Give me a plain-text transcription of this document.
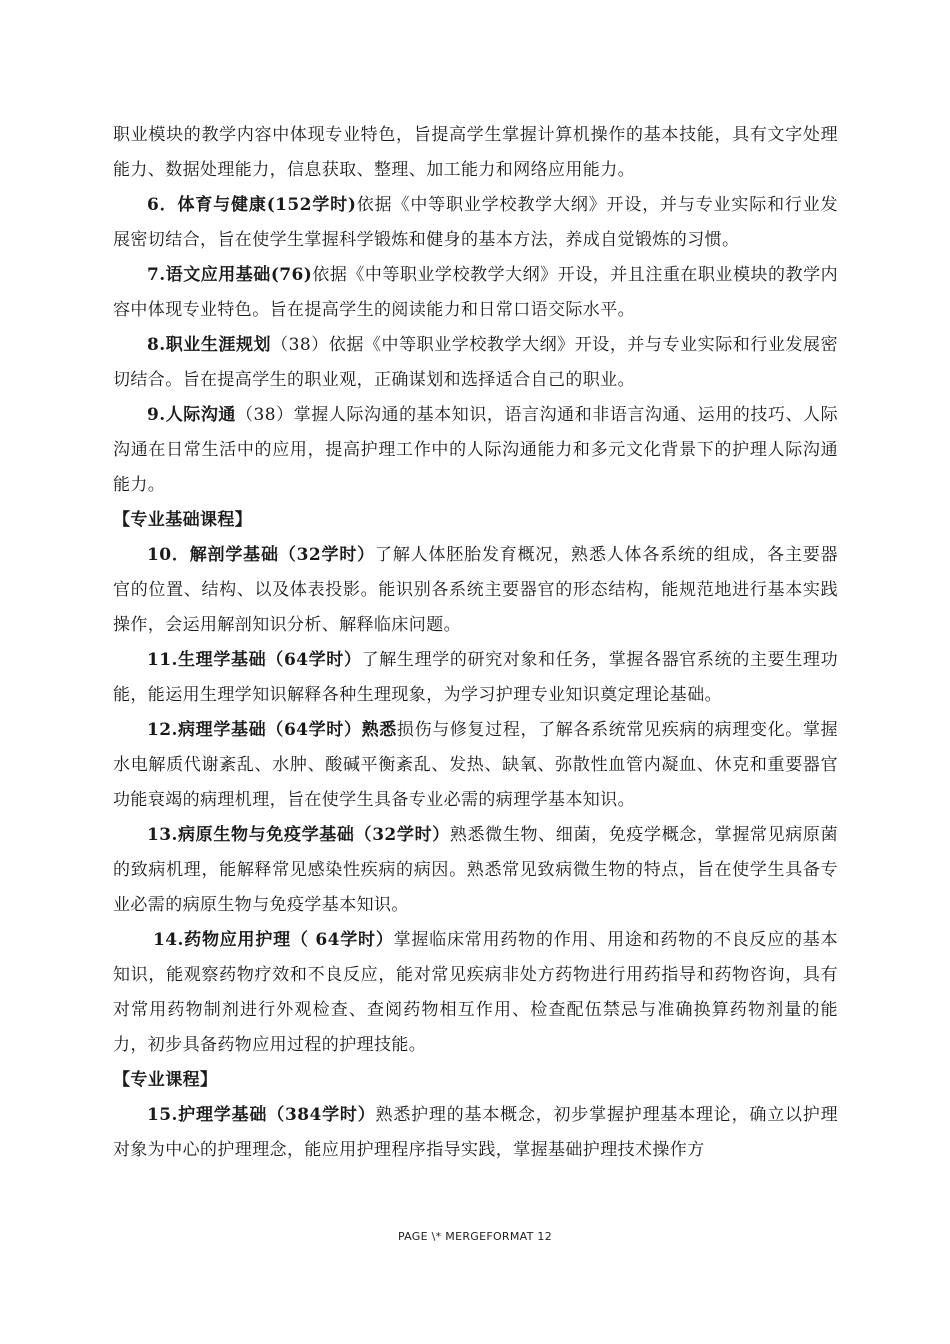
职业模块的教学内容中体现专业特色，旨提高学生掌握计算机操作的基本技能，具有文字处理能力、数据处理能力，信息获取、整理、加工能力和网络应用能力。

6．体育与健康(152学时)依据《中等职业学校教学大纲》开设，并与专业实际和行业发展密切结合，旨在使学生掌握科学锻炼和健身的基本方法，养成自觉锻炼的习惯。

7.语文应用基础(76)依据《中等职业学校教学大纲》开设，并且注重在职业模块的教学内容中体现专业特色。旨在提高学生的阅读能力和日常口语交际水平。

8.职业生涯规划（38）依据《中等职业学校教学大纲》开设，并与专业实际和行业发展密切结合。旨在提高学生的职业观，正确谋划和选择适合自己的职业。

9.人际沟通（38）掌握人际沟通的基本知识，语言沟通和非语言沟通、运用的技巧、人际沟通在日常生活中的应用，提高护理工作中的人际沟通能力和多元文化背景下的护理人际沟通能力。

【专业基础课程】

10．解剖学基础（32学时）了解人体胚胎发育概况，熟悉人体各系统的组成，各主要器官的位置、结构、以及体表投影。能识别各系统主要器官的形态结构，能规范地进行基本实践操作，会运用解剖知识分析、解释临床问题。

11.生理学基础（64学时）了解生理学的研究对象和任务，掌握各器官系统的主要生理功能，能运用生理学知识解释各种生理现象，为学习护理专业知识奠定理论基础。

12.病理学基础（64学时）熟悉损伤与修复过程，了解各系统常见疾病的病理变化。掌握水电解质代谢紊乱、水肿、酸碱平衡紊乱、发热、缺氧、弥散性血管内凝血、休克和重要器官功能衰竭的病理机理，旨在使学生具备专业必需的病理学基本知识。

13.病原生物与免疫学基础（32学时）熟悉微生物、细菌，免疫学概念，掌握常见病原菌的致病机理，能解释常见感染性疾病的病因。熟悉常见致病微生物的特点，旨在使学生具备专业必需的病原生物与免疫学基本知识。

14.药物应用护理（ 64学时）掌握临床常用药物的作用、用途和药物的不良反应的基本知识，能观察药物疗效和不良反应，能对常见疾病非处方药物进行用药指导和药物咨询，具有对常用药物制剂进行外观检查、查阅药物相互作用、检查配伍禁忌与准确换算药物剂量的能力，初步具备药物应用过程的护理技能。

【专业课程】

15.护理学基础（384学时）熟悉护理的基本概念，初步掌握护理基本理论，确立以护理对象为中心的护理理念，能应用护理程序指导实践，掌握基础护理技术操作方

PAGE \* MERGEFORMAT 12
